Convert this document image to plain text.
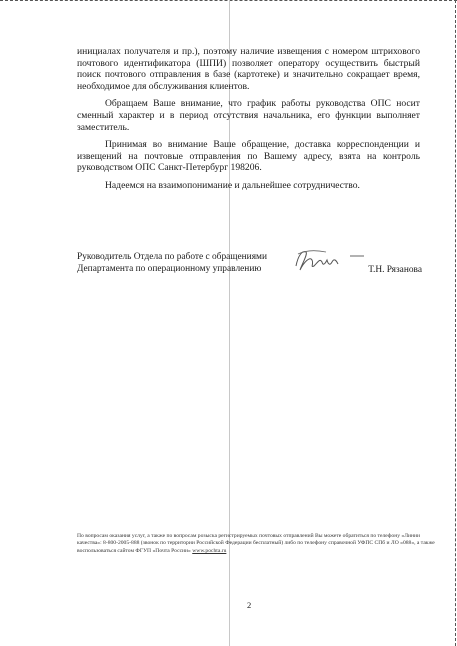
инициалах получателя и пр.), поэтому наличие извещения с номером штрихового почтового идентификатора (ШПИ) позволяет оператору осуществить быстрый поиск почтового отправления в базе (картотеке) и значительно сокращает время, необходимое для обслуживания клиентов.

Обращаем Ваше внимание, что график работы руководства ОПС носит сменный характер и в период отсутствия начальника, его функции выполняет заместитель.

Принимая во внимание Ваше обращение, доставка корреспонденции и извещений на почтовые отправления по Вашему адресу, взята на контроль руководством ОПС Санкт-Петербург 198206.

Надеемся на взаимопонимание и дальнейшее сотрудничество.

Руководитель Отдела по работе с обращениями
Департамента по операционному управлению	Т.Н. Рязанова
По вопросам оказания услуг, а также по вопросам розыска регистрируемых почтовых отправлений Вы можете обратиться по телефону «Линии качества»: 8-800-2005-888 (звонок по территории Российской Федерации бесплатный) либо по телефону справочной УФПС СПб и ЛО «088», а также воспользоваться сайтом ФГУП «Почта России» www.pochta.ru
2
